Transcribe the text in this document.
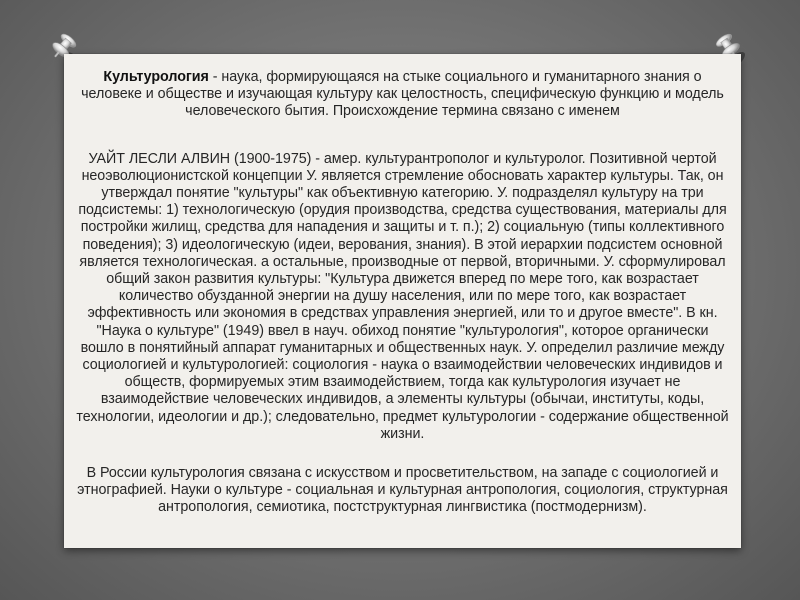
Культурология - наука, формирующаяся на стыке социального и гуманитарного знания о человеке и обществе и изучающая культуру как целостность, специфическую функцию и модель человеческого бытия. Происхождение термина связано с именем

УАЙТ ЛЕСЛИ АЛВИН (1900-1975) - амер. культурантрополог и культуролог. Позитивной чертой неоэволюционистской концепции У. является стремление обосновать характер культуры. Так, он утверждал понятие "культуры" как объективную категорию. У. подразделял культуру на три подсистемы: 1) технологическую (орудия производства, средства существования, материалы для постройки жилищ, средства для нападения и защиты и т. п.); 2) социальную (типы коллективного поведения); 3) идеологическую (идеи, верования, знания). В этой иерархии подсистем основной является технологическая. а остальные, производные от первой, вторичными. У. сформулировал общий закон развития культуры: "Культура движется вперед по мере того, как возрастает количество обузданной энергии на душу населения, или по мере того, как возрастает эффективность или экономия в средствах управления энергией, или то и другое вместе". В кн. "Наука о культуре" (1949) ввел в науч. обиход понятие "культурология", которое органически вошло в понятийный аппарат гуманитарных и общественных наук. У. определил различие между социологией и культурологией: социология - наука о взаимодействии человеческих индивидов и обществ, формируемых этим взаимодействием, тогда как культурология изучает не взаимодействие человеческих индивидов, а элементы культуры (обычаи, институты, коды, технологии, идеологии и др.); следовательно, предмет культурологии - содержание общественной жизни.

В России культурология связана с искусством и просветительством, на западе с социологией и этнографией. Науки о культуре - социальная и культурная антропология, социология, структурная антропология, семиотика, постструктурная лингвистика (постмодернизм).
